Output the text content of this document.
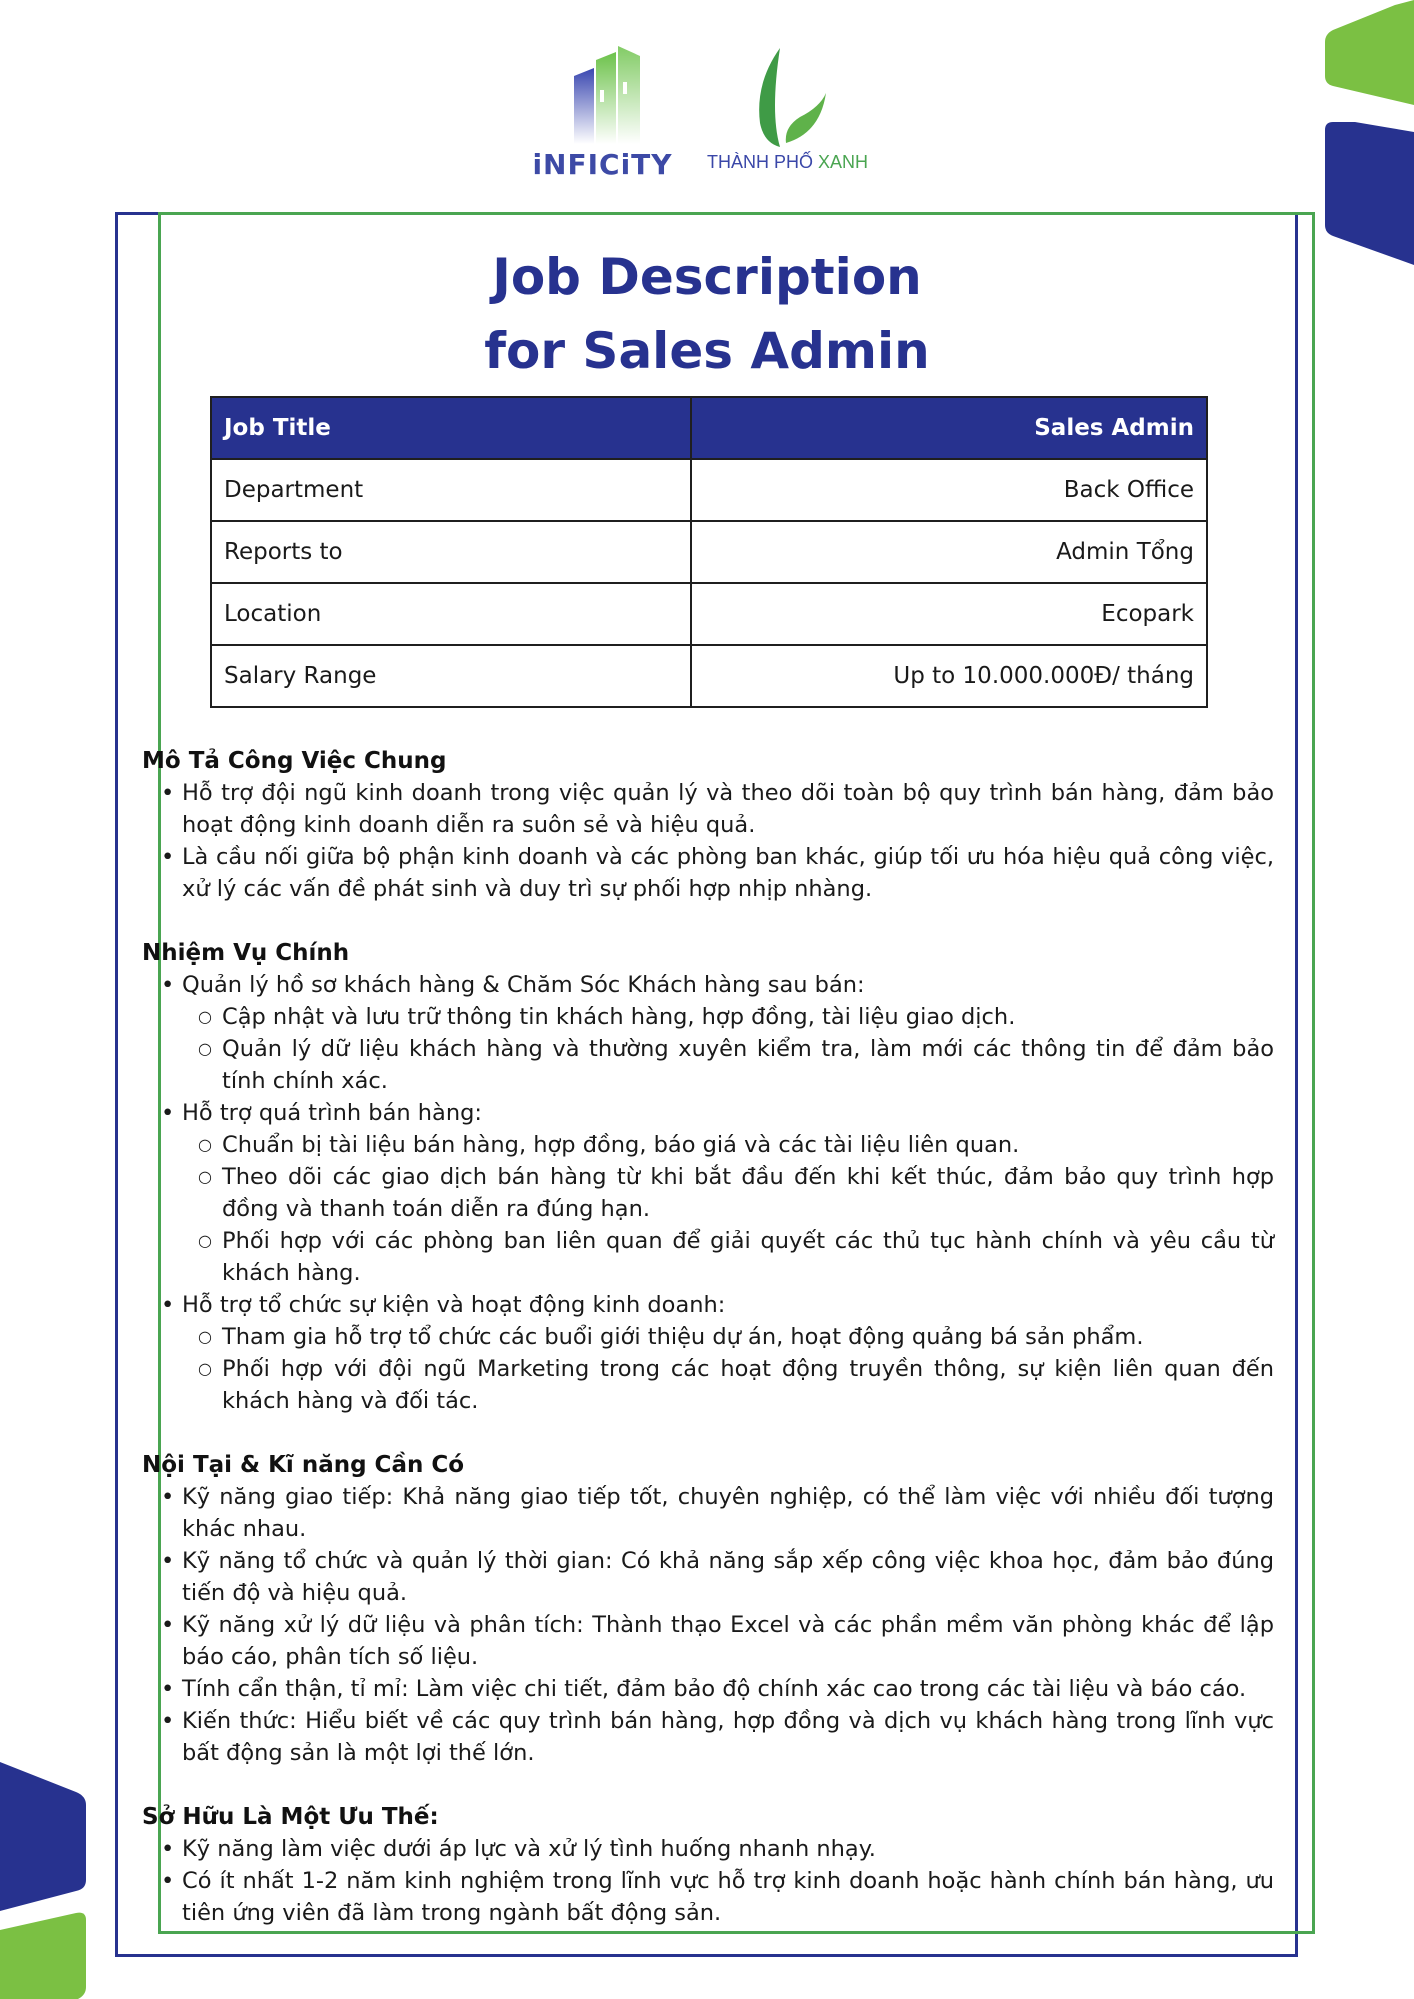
iNFICiTY	THÀNH PHỐ XANH
Job Description
for Sales Admin
Job Title	Sales Admin
Department	Back Office
Reports to	Admin Tổng
Location	Ecopark
Salary Range	Up to 10.000.000Đ/ tháng
Mô Tả Công Việc Chung
• Hỗ trợ đội ngũ kinh doanh trong việc quản lý và theo dõi toàn bộ quy trình bán hàng, đảm bảo hoạt động kinh doanh diễn ra suôn sẻ và hiệu quả.
• Là cầu nối giữa bộ phận kinh doanh và các phòng ban khác, giúp tối ưu hóa hiệu quả công việc, xử lý các vấn đề phát sinh và duy trì sự phối hợp nhịp nhàng.
Nhiệm Vụ Chính
• Quản lý hồ sơ khách hàng & Chăm Sóc Khách hàng sau bán:
○ Cập nhật và lưu trữ thông tin khách hàng, hợp đồng, tài liệu giao dịch.
○ Quản lý dữ liệu khách hàng và thường xuyên kiểm tra, làm mới các thông tin để đảm bảo tính chính xác.
• Hỗ trợ quá trình bán hàng:
○ Chuẩn bị tài liệu bán hàng, hợp đồng, báo giá và các tài liệu liên quan.
○ Theo dõi các giao dịch bán hàng từ khi bắt đầu đến khi kết thúc, đảm bảo quy trình hợp đồng và thanh toán diễn ra đúng hạn.
○ Phối hợp với các phòng ban liên quan để giải quyết các thủ tục hành chính và yêu cầu từ khách hàng.
• Hỗ trợ tổ chức sự kiện và hoạt động kinh doanh:
○ Tham gia hỗ trợ tổ chức các buổi giới thiệu dự án, hoạt động quảng bá sản phẩm.
○ Phối hợp với đội ngũ Marketing trong các hoạt động truyền thông, sự kiện liên quan đến khách hàng và đối tác.
Nội Tại & Kĩ năng Cần Có
• Kỹ năng giao tiếp: Khả năng giao tiếp tốt, chuyên nghiệp, có thể làm việc với nhiều đối tượng khác nhau.
• Kỹ năng tổ chức và quản lý thời gian: Có khả năng sắp xếp công việc khoa học, đảm bảo đúng tiến độ và hiệu quả.
• Kỹ năng xử lý dữ liệu và phân tích: Thành thạo Excel và các phần mềm văn phòng khác để lập báo cáo, phân tích số liệu.
• Tính cẩn thận, tỉ mỉ: Làm việc chi tiết, đảm bảo độ chính xác cao trong các tài liệu và báo cáo.
• Kiến thức: Hiểu biết về các quy trình bán hàng, hợp đồng và dịch vụ khách hàng trong lĩnh vực bất động sản là một lợi thế lớn.
Sở Hữu Là Một Ưu Thế:
• Kỹ năng làm việc dưới áp lực và xử lý tình huống nhanh nhạy.
• Có ít nhất 1-2 năm kinh nghiệm trong lĩnh vực hỗ trợ kinh doanh hoặc hành chính bán hàng, ưu tiên ứng viên đã làm trong ngành bất động sản.
